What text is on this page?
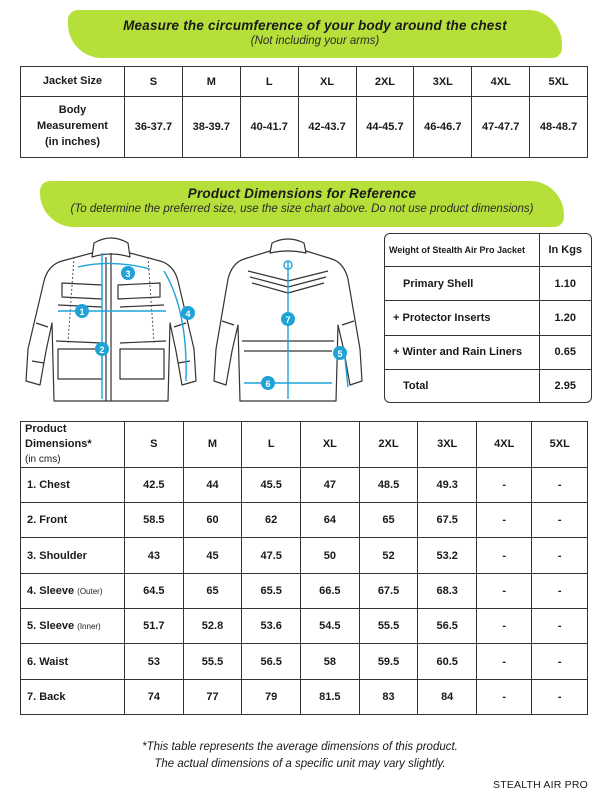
Measure the circumference of your body around the chest
(Not including your arms)
Jacket Size	S	M	L	XL	2XL	3XL	4XL	5XL

Body
Measurement
(in inches)	36-37.7	38-39.7	40-41.7	42-43.7	44-45.7	46-46.7	47-47.7	48-48.7
Product Dimensions for Reference
(To determine the preferred size, use the size chart above. Do not use product dimensions)
1
2
3
4
7
5
6
Weight of Stealth Air Pro Jacket	In Kgs
Primary Shell	1.10
+ Protector Inserts	1.20
+ Winter and Rain Liners	0.65
Total	2.95
Product Dimensions*
(in cms)	S	M	L	XL	2XL	3XL	4XL	5XL
1. Chest	42.5	44	45.5	47	48.5	49.3	-	-
2. Front	58.5	60	62	64	65	67.5	-	-
3. Shoulder	43	45	47.5	50	52	53.2	-	-
4. Sleeve (Outer)	64.5	65	65.5	66.5	67.5	68.3	-	-
5. Sleeve (Inner)	51.7	52.8	53.6	54.5	55.5	56.5	-	-
6. Waist	53	55.5	56.5	58	59.5	60.5	-	-
7. Back	74	77	79	81.5	83	84	-	-
*This table represents the average dimensions of this product.
The actual dimensions of a specific unit may vary slightly.
STEALTH AIR PRO
